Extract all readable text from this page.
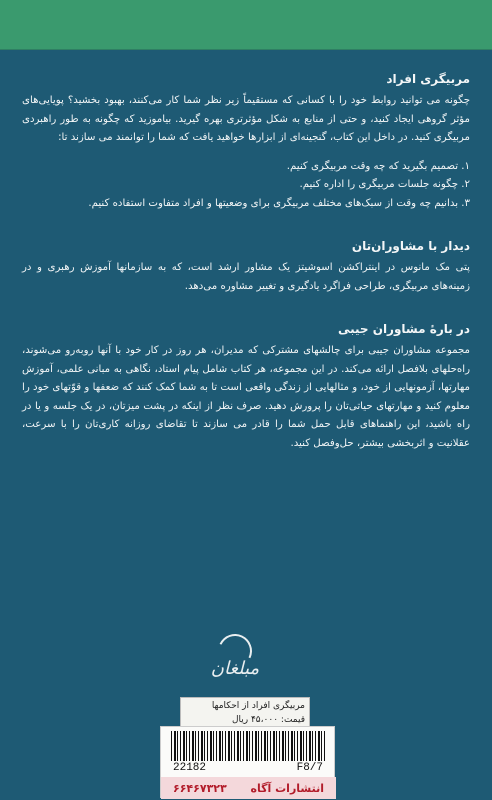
مربیگری افراد

چگونه می توانید روابط خود را با کسانی که مستقیماً زیر نظر شما کار می‌کنند، بهبود بخشید؟ پویایی‌های مؤثر گروهی ایجاد کنید، و حتی از منابع به شکل مؤثرتری بهره گیرید. بیاموزید که چگونه به طور راهبردی مربیگری کنید. در داخل این کتاب، گنجینه‌ای از ابزارها خواهید یافت که شما را توانمند می سازند تا:

۱. تصمیم بگیرید که چه وقت مربیگری کنیم.
۲. چگونه جلسات مربیگری را اداره کنیم.
۳. بدانیم چه وقت از سبک‌های مختلف مربیگری برای وضعیتها و افراد متفاوت استفاده کنیم.
دیدار با مشاوران‌تان

پتی مک مانوس در اینتراکشن اسوشیتز یک مشاور ارشد است، که به سازمانها آموزش رهبری و در زمینه‌های مربیگری، طراحی فراگرد یادگیری و تغییر مشاوره می‌دهد.

در بارهٔ مشاوران جیبی

مجموعه مشاوران جیبی برای چالشهای مشترکی که مدیران، هر روز در کار خود با آنها روبه‌رو می‌شوند، راه‌حلهای بلافصل ارائه می‌کند. در این مجموعه، هر کتاب شامل پیام استاد، نگاهی به مبانی علمی، آموزش مهارتها، آزمونهایی از خود، و مثالهایی از زندگی واقعی است تا به شما کمک کنند که ضعفها و قوّتهای خود را معلوم کنید و مهارتهای حیاتی‌تان را پرورش دهید. صرف نظر از اینکه در پشت میزتان، در یک جلسه و یا در راه باشید، این راهنماهای قابل حمل شما را قادر می سازند تا تقاضای روزانه کاری‌تان را با سرعت، عقلانیت و اثربخشی بیشتر، حل‌وفصل کنید.

مبلغان
مربیگری افراد از احکامها
قیمت: ۴۵،۰۰۰ ریال
22182	F8/7
انتشارات آگاه
۶۶۴۶۷۳۲۳
